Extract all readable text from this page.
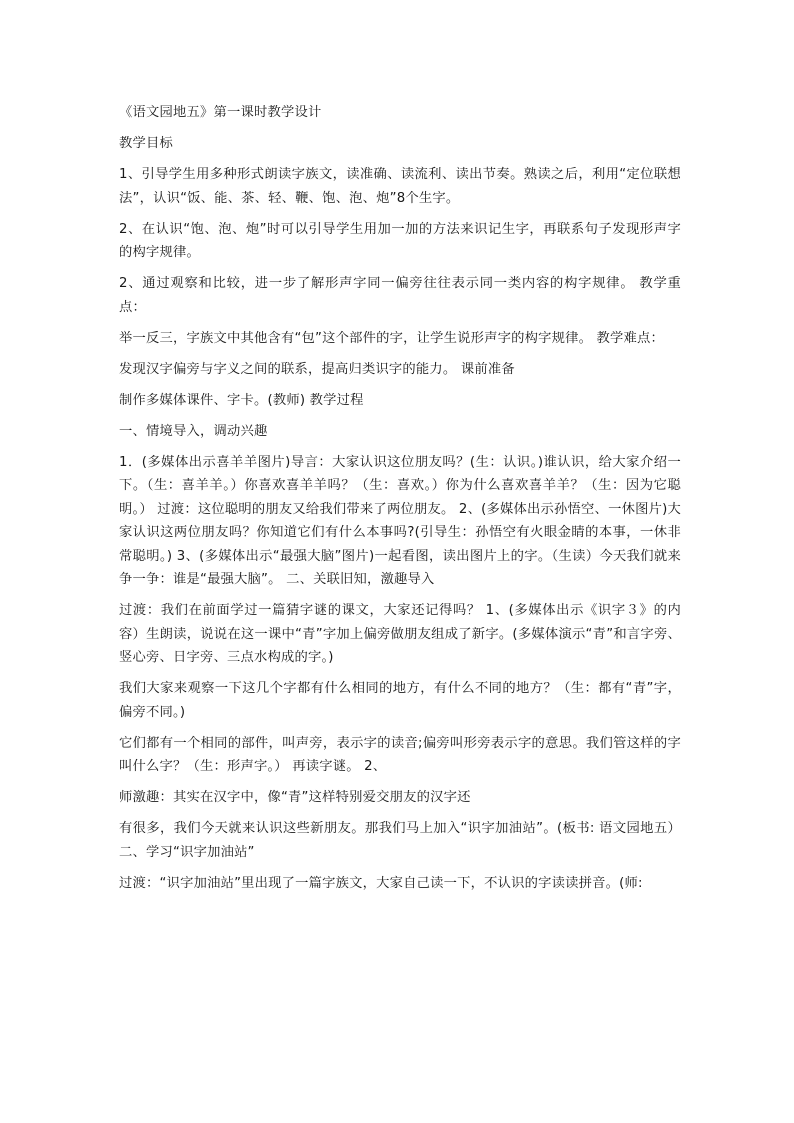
《语文园地五》第一课时教学设计
教学目标
1、引导学生用多种形式朗读字族文，读准确、读流利、读出节奏。熟读之后，利用“定位联想法”，认识“饭、能、茶、轻、鞭、饱、泡、炮”8个生字。
2、在认识“饱、泡、炮”时可以引导学生用加一加的方法来识记生字，再联系句子发现形声字的构字规律。
2、通过观察和比较，进一步了解形声字同一偏旁往往表示同一类内容的构字规律。 教学重点：
举一反三，字族文中其他含有“包”这个部件的字，让学生说形声字的构字规律。 教学难点：
发现汉字偏旁与字义之间的联系，提高归类识字的能力。 课前准备
制作多媒体课件、字卡。(教师) 教学过程
一、情境导入，调动兴趣
1．(多媒体出示喜羊羊图片)导言：大家认识这位朋友吗？(生：认识。)谁认识，给大家介绍一下。（生：喜羊羊。）你喜欢喜羊羊吗？（生：喜欢。）你为什么喜欢喜羊羊？（生：因为它聪明。） 过渡：这位聪明的朋友又给我们带来了两位朋友。 2、(多媒体出示孙悟空、一休图片)大家认识这两位朋友吗？你知道它们有什么本事吗?(引导生：孙悟空有火眼金睛的本事，一休非常聪明。) 3、(多媒体出示“最强大脑”图片)一起看图，读出图片上的字。（生读）今天我们就来争一争：谁是“最强大脑”。 二、关联旧知，激趣导入
过渡：我们在前面学过一篇猜字谜的课文，大家还记得吗？ 1、(多媒体出示《识字３》的内容）生朗读，说说在这一课中“青”字加上偏旁做朋友组成了新字。(多媒体演示“青”和言字旁、竖心旁、日字旁、三点水构成的字。)
我们大家来观察一下这几个字都有什么相同的地方，有什么不同的地方？（生：都有“青”字，偏旁不同。)
它们都有一个相同的部件，叫声旁，表示字的读音;偏旁叫形旁表示字的意思。我们管这样的字叫什么字？（生：形声字。） 再读字谜。 2、
师激趣：其实在汉字中，像“青”这样特别爱交朋友的汉字还
有很多，我们今天就来认识这些新朋友。那我们马上加入“识字加油站”。(板书: 语文园地五） 二、学习“识字加油站”
过渡：“识字加油站”里出现了一篇字族文，大家自己读一下，不认识的字读读拼音。(师:
